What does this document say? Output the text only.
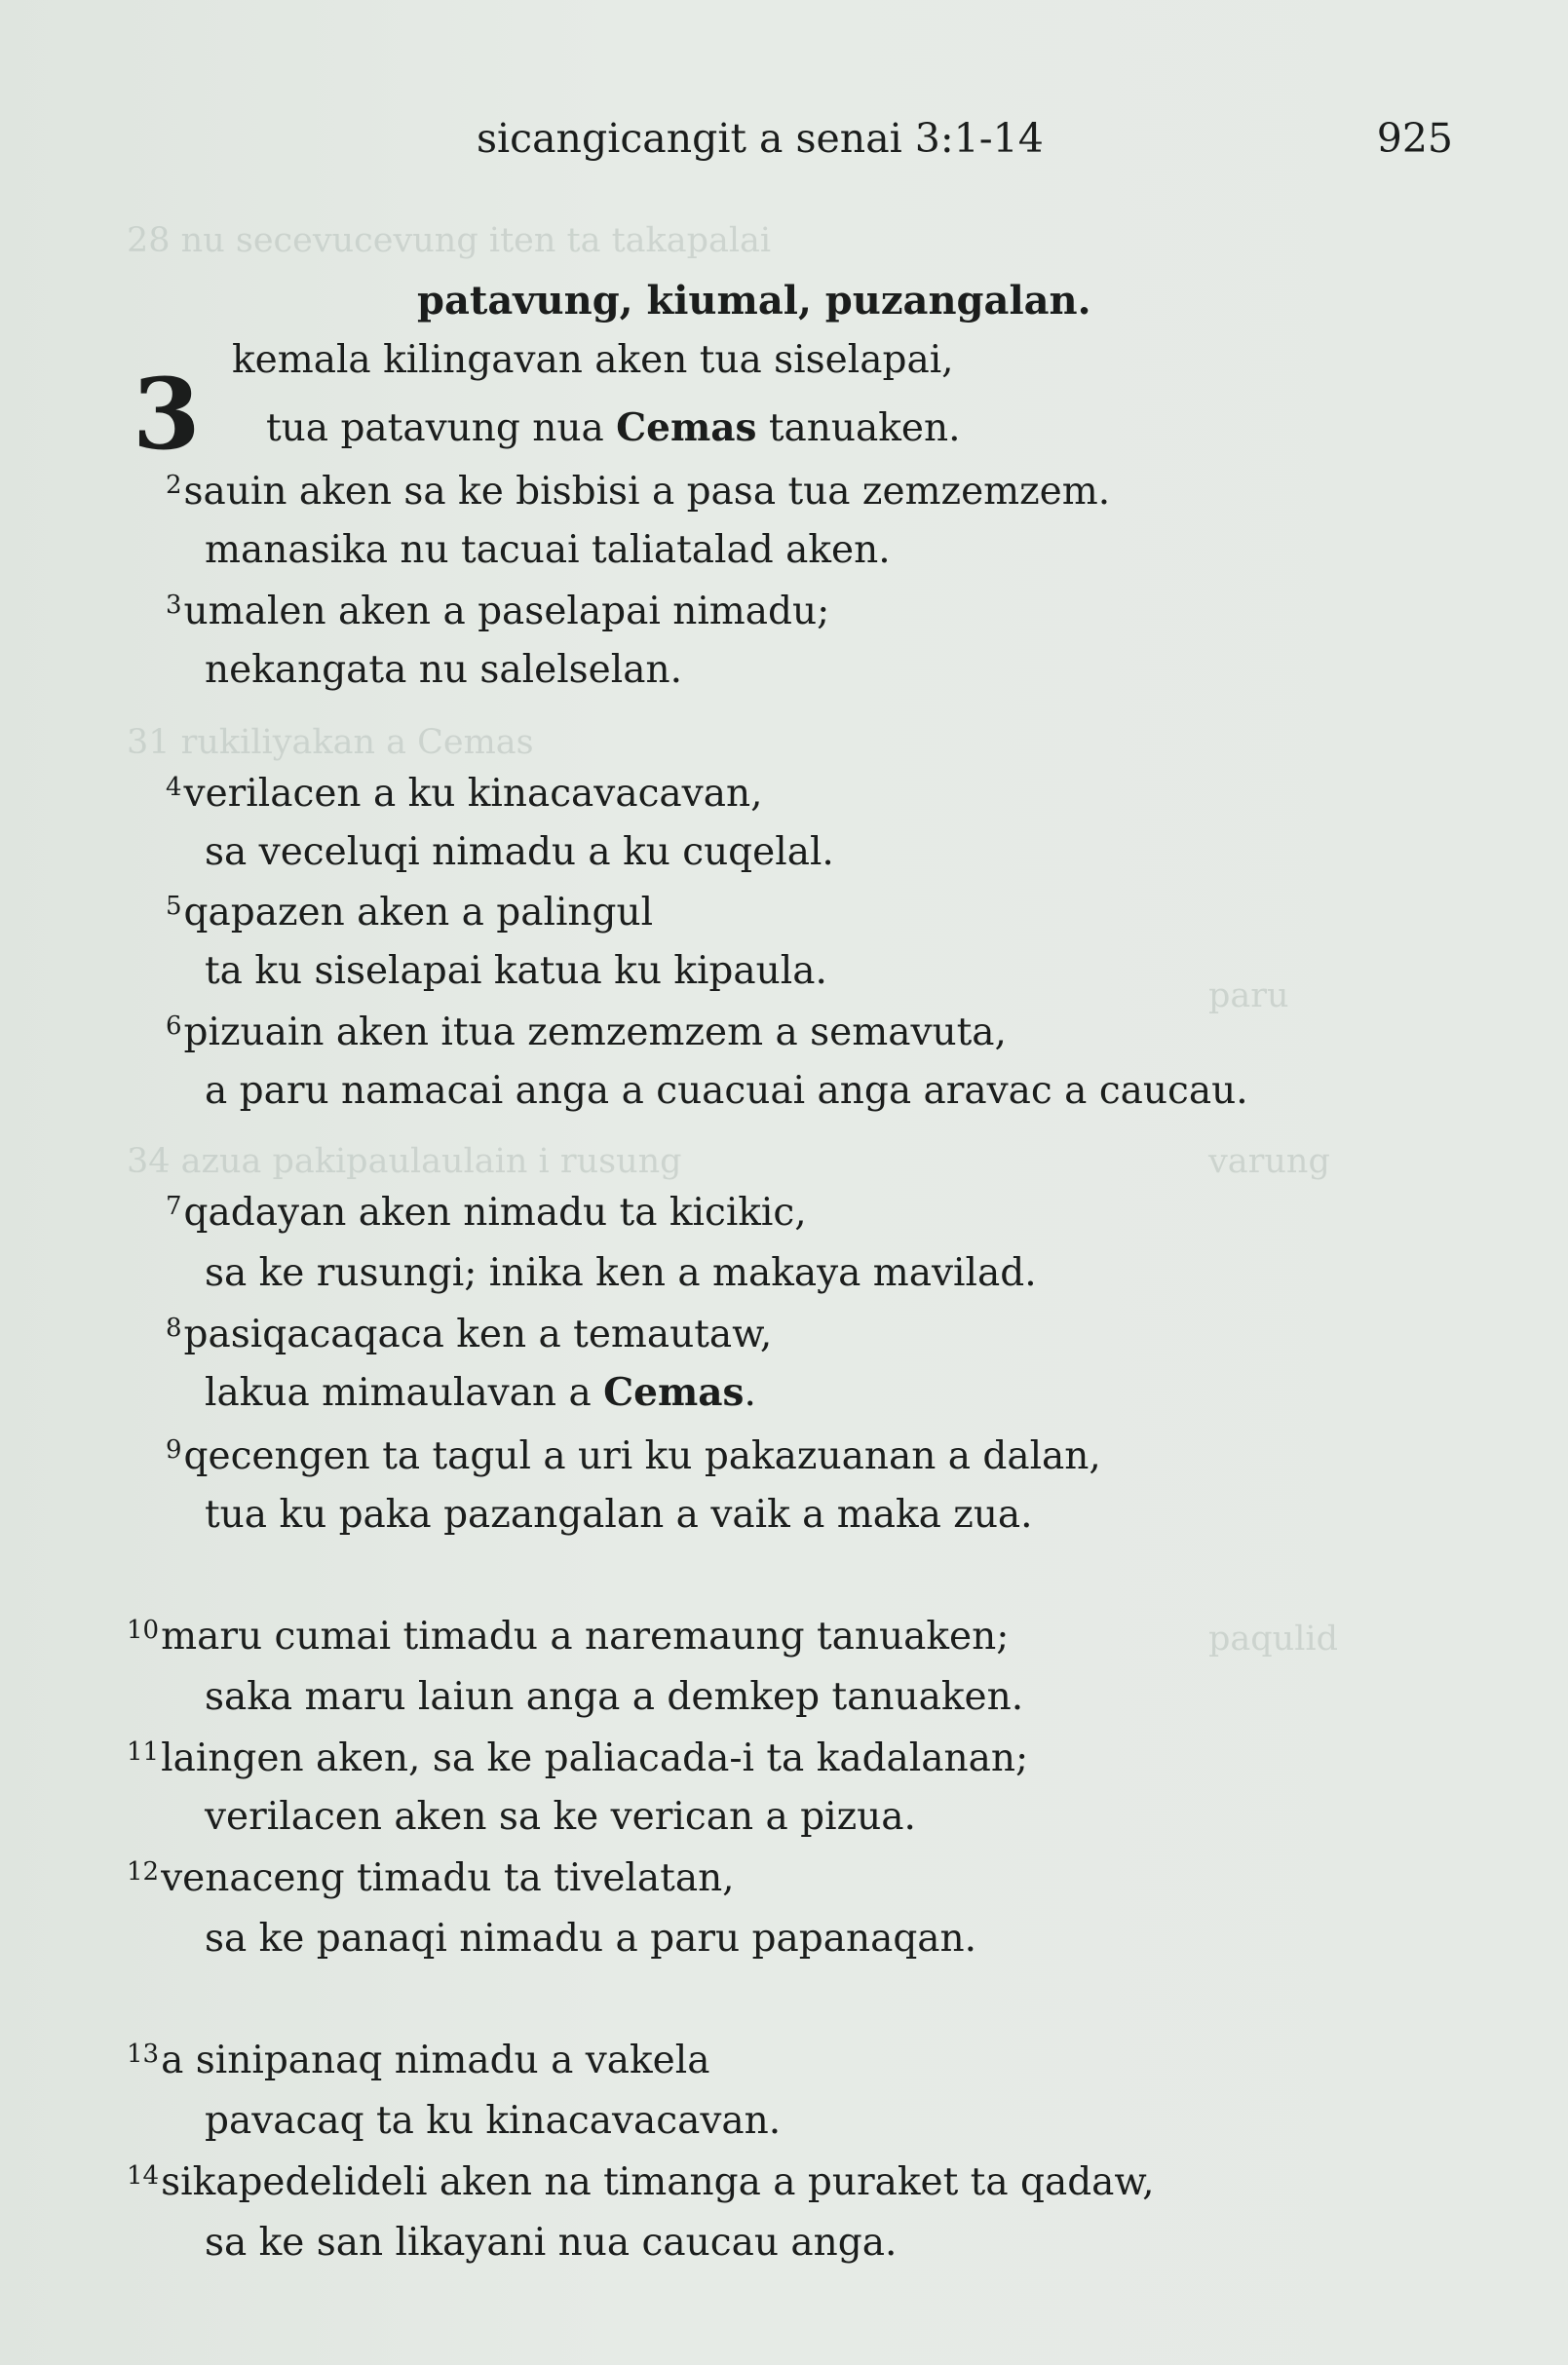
28 nu secevucevung iten ta takapalai
31 rukiliyakan a Cemas
34 azua pakipaulaulain i rusung
paru
varung
paqulid
sicangicangit a senai 3:1-14	925
patavung, kiumal, puzangalan.
3 kemala kilingavan aken tua siselapai,
tua patavung nua Cemas tanuaken.
$^2$sauin aken sa ke bisbisi a pasa tua zemzemzem.
manasika nu tacuai taliatalad aken.
$^3$umalen aken a paselapai nimadu;
nekangata nu salelselan.
$^4$verilacen a ku kinacavacavan,
sa veceluqi nimadu a ku cuqelal.
$^5$qapazen aken a palingul
ta ku siselapai katua ku kipaula.
$^6$pizuain aken itua zemzemzem a semavuta,
a paru namacai anga a cuacuai anga aravac a caucau.
$^7$qadayan aken nimadu ta kicikic,
sa ke rusungi; inika ken a makaya mavilad.
$^8$pasiqacaqaca ken a temautaw,
lakua mimaulavan a Cemas.
$^9$qecengen ta tagul a uri ku pakazuanan a dalan,
tua ku paka pazangalan a vaik a maka zua.
$^{10}$maru cumai timadu a naremaung tanuaken;
saka maru laiun anga a demkep tanuaken.
$^{11}$laingen aken, sa ke paliacada-i ta kadalanan;
verilacen aken sa ke verican a pizua.
$^{12}$venaceng timadu ta tivelatan,
sa ke panaqi nimadu a paru papanaqan.
$^{13}$a sinipanaq nimadu a vakela
pavacaq ta ku kinacavacavan.
$^{14}$sikapedelideli aken na timanga a puraket ta qadaw,
sa ke san likayani nua caucau anga.
